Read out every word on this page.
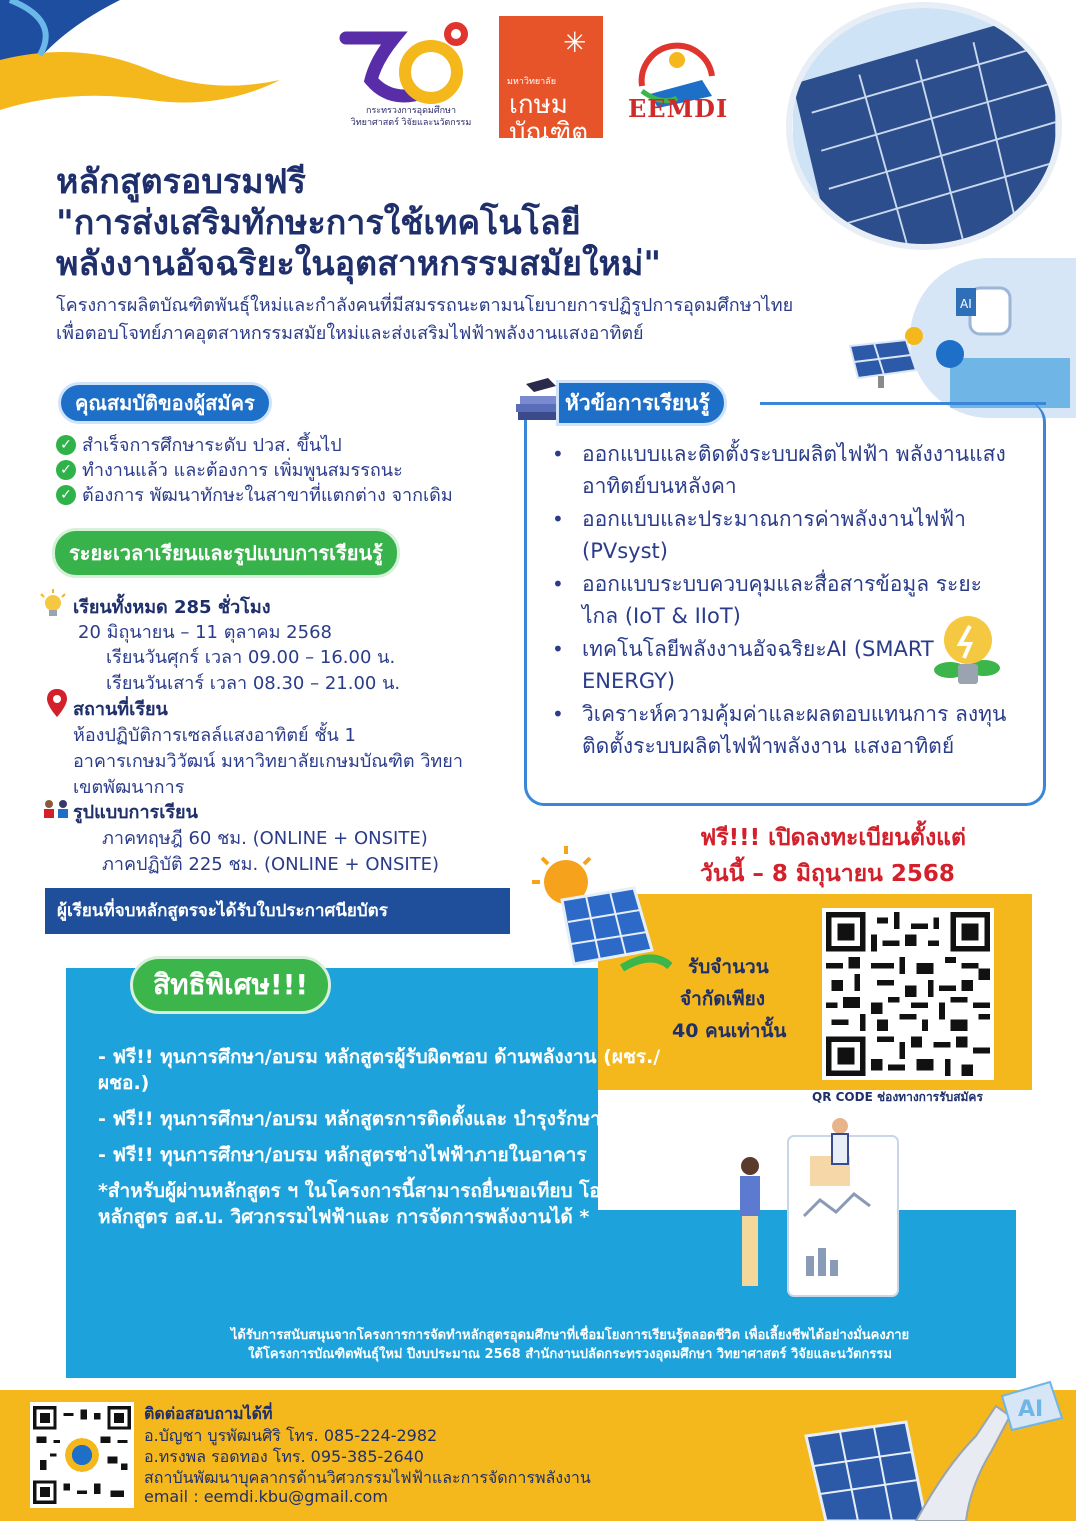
กระทรวงการอุดมศึกษา
วิทยาศาสตร์ วิจัยและนวัตกรรม
✳
มหาวิทยาลัย
เกษม
บัณฑิต
EEMDI
หลักสูตรอบรมฟรี
"การส่งเสริมทักษะการใช้เทคโนโลยี
พลังงานอัจฉริยะในอุตสาหกรรมสมัยใหม่"
โครงการผลิตบัณฑิตพันธุ์ใหม่และกำลังคนที่มีสมรรถนะตามนโยบายการปฏิรูปการอุดมศึกษาไทย
เพื่อตอบโจทย์ภาคอุตสาหกรรมสมัยใหม่และส่งเสริมไฟฟ้าพลังงานแสงอาทิตย์
AI
คุณสมบัติของผู้สมัคร
✓ สำเร็จการศึกษาระดับ ปวส. ขึ้นไป
✓ ทำงานแล้ว และต้องการ เพิ่มพูนสมรรถนะ
✓ ต้องการ พัฒนาทักษะในสาขาที่แตกต่าง จากเดิม
ระยะเวลาเรียนและรูปแบบการเรียนรู้
เรียนทั้งหมด 285 ชั่วโมง
20 มิถุนายน – 11 ตุลาคม 2568
เรียนวันศุกร์ เวลา 09.00 – 16.00 น.
เรียนวันเสาร์ เวลา 08.30 – 21.00 น.
สถานที่เรียน
ห้องปฏิบัติการเซลล์แสงอาทิตย์ ชั้น 1
อาคารเกษมวิวัฒน์ มหาวิทยาลัยเกษมบัณฑิต วิทยา
เขตพัฒนาการ
รูปแบบการเรียน
ภาคทฤษฎี 60 ชม. (ONLINE + ONSITE)
ภาคปฏิบัติ 225 ชม. (ONLINE + ONSITE)
ผู้เรียนที่จบหลักสูตรจะได้รับใบประกาศนียบัตร
หัวข้อการเรียนรู้
• ออกแบบและติดตั้งระบบผลิตไฟฟ้า พลังงานแสงอาทิตย์บนหลังคา
• ออกแบบและประมาณการค่าพลังงานไฟฟ้า (PVsyst)
• ออกแบบระบบควบคุมและสื่อสารข้อมูล ระยะไกล (IoT & IIoT)
• เทคโนโลยีพลังงานอัจฉริยะAI (SMART ENERGY)
• วิเคราะห์ความคุ้มค่าและผลตอบแทนการ ลงทุนติดตั้งระบบผลิตไฟฟ้าพลังงาน แสงอาทิตย์
ฟรี!!! เปิดลงทะเบียนตั้งแต่
วันนี้ – 8 มิถุนายน 2568
รับจำนวน
จำกัดเพียง
40 คนเท่านั้น
QR CODE ช่องทางการรับสมัคร
สิทธิพิเศษ!!!

- ฟรี!! ทุนการศึกษา/อบรม หลักสูตรผู้รับผิดชอบ ด้านพลังงาน (ผชร./ผชอ.)

- ฟรี!! ทุนการศึกษา/อบรม หลักสูตรการติดตั้งและ บำรุงรักษาโซลาร์รูฟ

- ฟรี!! ทุนการศึกษา/อบรม หลักสูตรช่างไฟฟ้าภายในอาคาร

*สำหรับผู้ผ่านหลักสูตร ฯ ในโครงการนี้สามารถยื่นขอเทียบ โอนเข้าศึกษา หลักสูตร อส.บ. วิศวกรรมไฟฟ้าและ การจัดการพลังงานได้ *

ได้รับการสนับสนุนจากโครงการการจัดทำหลักสูตรอุดมศึกษาที่เชื่อมโยงการเรียนรู้ตลอดชีวิต เพื่อเลี้ยงชีพได้อย่างมั่นคงภาย
ใต้โครงการบัณฑิตพันธุ์ใหม่ ปีงบประมาณ 2568 สำนักงานปลัดกระทรวงอุดมศึกษา วิทยาศาสตร์ วิจัยและนวัตกรรม
ติดต่อสอบถามได้ที่
อ.บัญชา บูรพัฒนศิริ โทร. 085-224-2982
อ.ทรงพล รอดทอง โทร. 095-385-2640
สถาบันพัฒนาบุคลากรด้านวิศวกรรมไฟฟ้าและการจัดการพลังงาน
email : eemdi.kbu@gmail.com
AI
